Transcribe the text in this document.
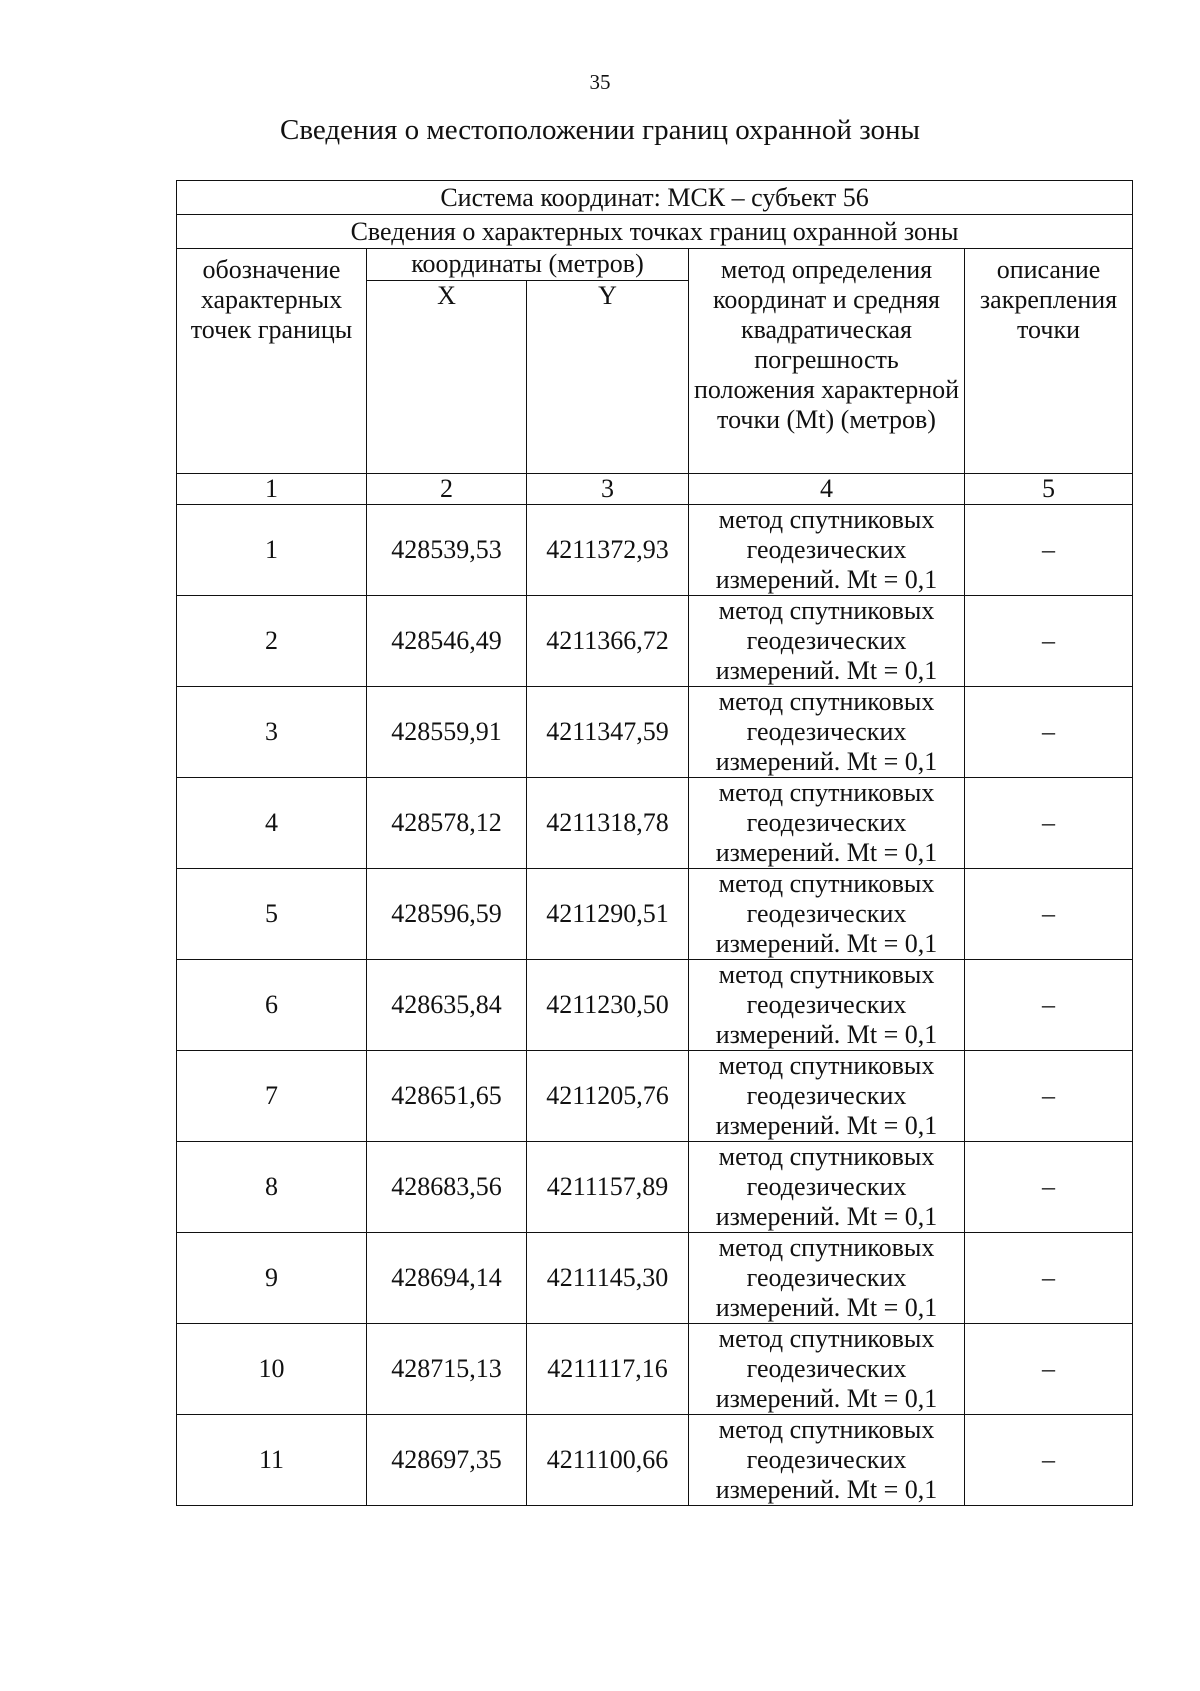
35
Сведения о местоположении границ охранной зоны
Система координат: МСК – субъект 56				
Сведения о характерных точках границ охранной зоны				
обозначение характерных точек границы	координаты (метров)		метод определения координат и средняя квадратическая погрешность положения характерной точки (Mt) (метров)	описание закрепления точки
	X	Y		
1	2	3	4	5
1	428539,53	4211372,93	метод спутниковых геодезических измерений. Mt = 0,1	–
2	428546,49	4211366,72	метод спутниковых геодезических измерений. Mt = 0,1	–
3	428559,91	4211347,59	метод спутниковых геодезических измерений. Mt = 0,1	–
4	428578,12	4211318,78	метод спутниковых геодезических измерений. Mt = 0,1	–
5	428596,59	4211290,51	метод спутниковых геодезических измерений. Mt = 0,1	–
6	428635,84	4211230,50	метод спутниковых геодезических измерений. Mt = 0,1	–
7	428651,65	4211205,76	метод спутниковых геодезических измерений. Mt = 0,1	–
8	428683,56	4211157,89	метод спутниковых геодезических измерений. Mt = 0,1	–
9	428694,14	4211145,30	метод спутниковых геодезических измерений. Mt = 0,1	–
10	428715,13	4211117,16	метод спутниковых геодезических измерений. Mt = 0,1	–
11	428697,35	4211100,66	метод спутниковых геодезических измерений. Mt = 0,1	–
